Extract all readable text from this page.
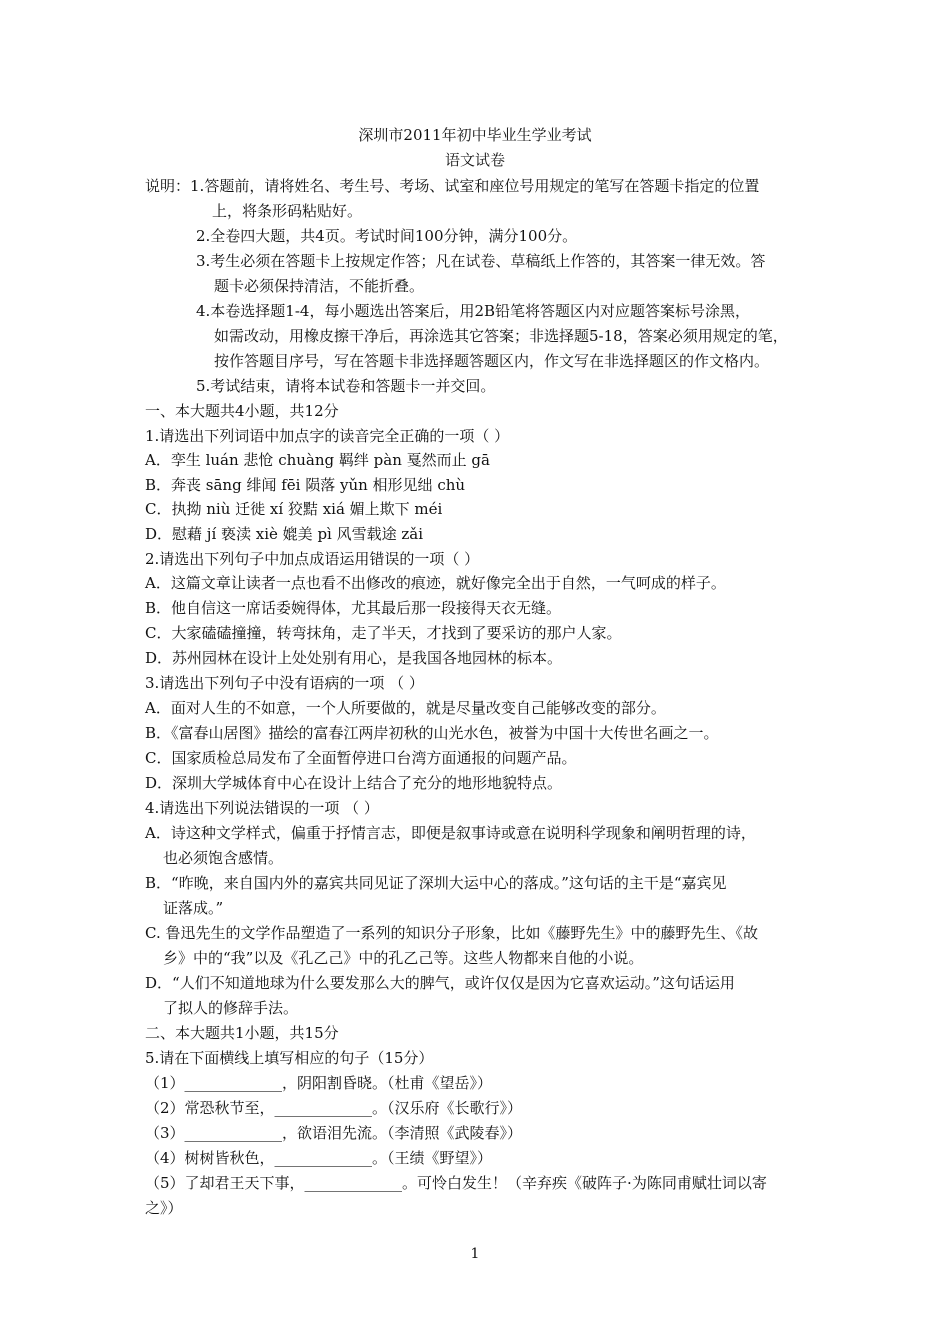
深圳市2011年初中毕业生学业考试
语文试卷
说明：1.答题前，请将姓名、考生号、考场、试室和座位号用规定的笔写在答题卡指定的位置
上，将条形码粘贴好。
2.全卷四大题，共4页。考试时间100分钟，满分100分。
3.考生必须在答题卡上按规定作答；凡在试卷、草稿纸上作答的，其答案一律无效。答
题卡必须保持清洁，不能折叠。
4.本卷选择题1-4，每小题选出答案后，用2B铅笔将答题区内对应题答案标号涂黑，
如需改动，用橡皮擦干净后，再涂选其它答案；非选择题5-18，答案必须用规定的笔，
按作答题目序号，写在答题卡非选择题答题区内，作文写在非选择题区的作文格内。
5.考试结束，请将本试卷和答题卡一并交回。
一、本大题共4小题，共12分
1.请选出下列词语中加点字的读音完全正确的一项（ ）
A．孪生 luán 悲怆 chuàng 羁绊 pàn 戛然而止 gā
B．奔丧 sāng 绯闻 fēi 陨落 yǔn 相形见绌 chù
C．执拗 niù 迁徙 xí 狡黠 xiá 媚上欺下 méi
D．慰藉 jí 亵渎 xiè 媲美 pì 风雪载途 zǎi
2.请选出下列句子中加点成语运用错误的一项（ ）
A．这篇文章让读者一点也看不出修改的痕迹，就好像完全出于自然，一气呵成的样子。
B．他自信这一席话委婉得体，尤其最后那一段接得天衣无缝。
C．大家磕磕撞撞，转弯抹角，走了半天，才找到了要采访的那户人家。
D．苏州园林在设计上处处别有用心，是我国各地园林的标本。
3.请选出下列句子中没有语病的一项 （ ）
A．面对人生的不如意，一个人所要做的，就是尽量改变自己能够改变的部分。
B．《富春山居图》描绘的富春江两岸初秋的山光水色，被誉为中国十大传世名画之一。
C．国家质检总局发布了全面暂停进口台湾方面通报的问题产品。
D．深圳大学城体育中心在设计上结合了充分的地形地貌特点。
4.请选出下列说法错误的一项 （ ）
A．诗这种文学样式，偏重于抒情言志，即便是叙事诗或意在说明科学现象和阐明哲理的诗，
也必须饱含感情。
B．“昨晚，来自国内外的嘉宾共同见证了深圳大运中心的落成。”这句话的主干是“嘉宾见
证落成。”
C. 鲁迅先生的文学作品塑造了一系列的知识分子形象，比如《藤野先生》中的藤野先生、《故
乡》中的“我”以及《孔乙己》中的孔乙己等。这些人物都来自他的小说。
D．“人们不知道地球为什么要发那么大的脾气，或许仅仅是因为它喜欢运动。”这句话运用
了拟人的修辞手法。
二、本大题共1小题，共15分
5.请在下面横线上填写相应的句子（15分）
（1）_____________，阴阳割昏晓。（杜甫《望岳》）
（2）常恐秋节至，_____________。（汉乐府《长歌行》）
（3）_____________，欲语泪先流。（李清照《武陵春》）
（4）树树皆秋色，_____________。（王绩《野望》）
（5）了却君王天下事，_____________。可怜白发生！（辛弃疾《破阵子·为陈同甫赋壮词以寄
之》）
1
